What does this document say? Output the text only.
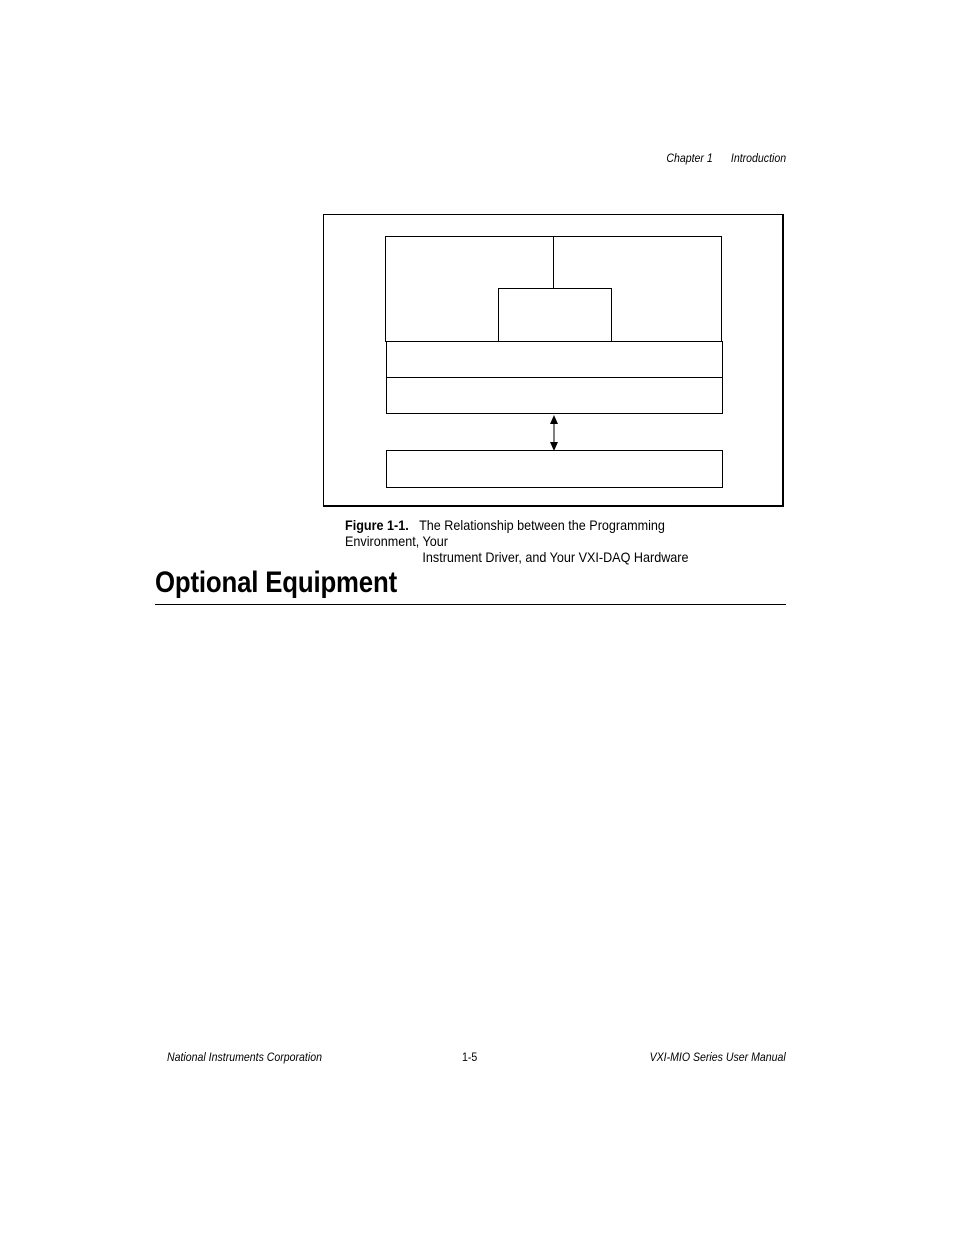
Chapter 1 Introduction
Figure 1-1. The Relationship between the Programming Environment, Your
Instrument Driver, and Your VXI-DAQ Hardware
Optional Equipment
National Instruments Corporation	1-5	VXI-MIO Series User Manual
